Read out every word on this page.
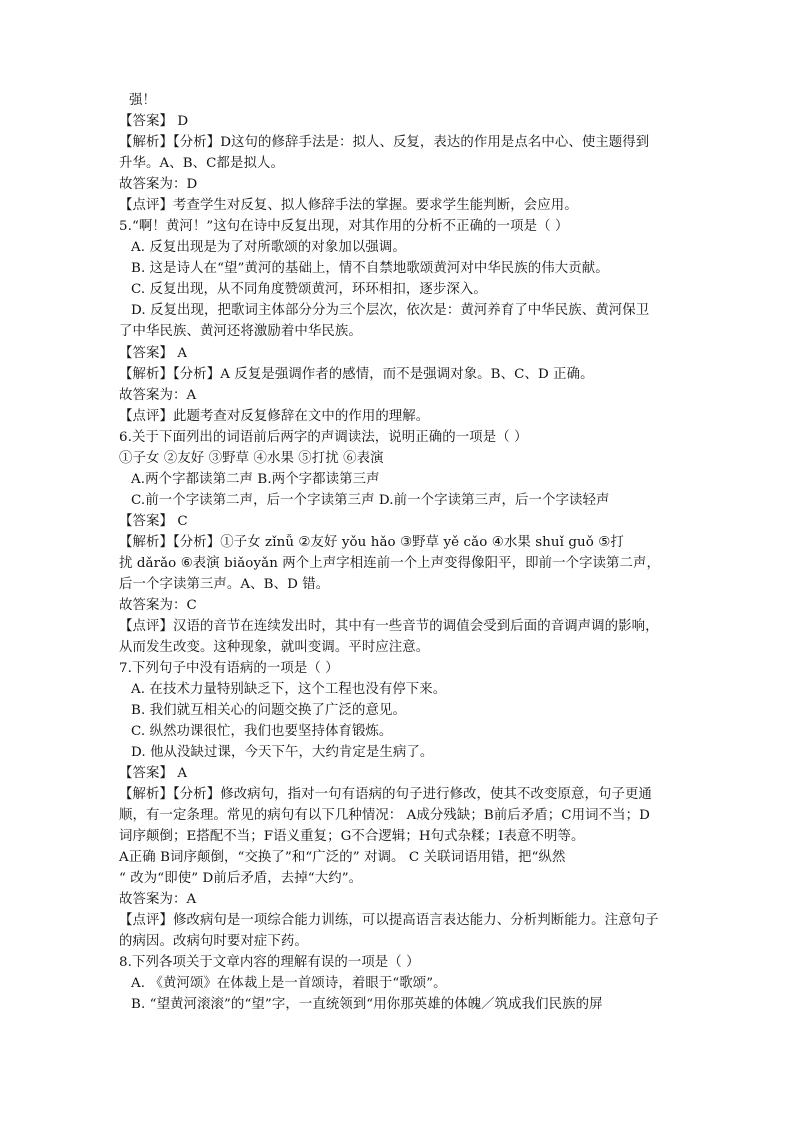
强！
【答案】 D
【解析】【分析】D这句的修辞手法是：拟人、反复，表达的作用是点名中心、使主题得到
升华。A、B、C都是拟人。
故答案为：D
【点评】考查学生对反复、拟人修辞手法的掌握。要求学生能判断，会应用。
5.“啊！黄河！”这句在诗中反复出现，对其作用的分析不正确的一项是（ ）
A. 反复出现是为了对所歌颂的对象加以强调。
B. 这是诗人在“望”黄河的基础上，情不自禁地歌颂黄河对中华民族的伟大贡献。
C. 反复出现，从不同角度赞颂黄河，环环相扣，逐步深入。
D. 反复出现，把歌词主体部分分为三个层次，依次是：黄河养育了中华民族、黄河保卫
了中华民族、黄河还将激励着中华民族。
【答案】 A
【解析】【分析】A 反复是强调作者的感情，而不是强调对象。B、C、D 正确。
故答案为：A
【点评】此题考查对反复修辞在文中的作用的理解。
6.关于下面列出的词语前后两字的声调读法，说明正确的一项是（ ）
①子女 ②友好 ③野草 ④水果 ⑤打扰 ⑥表演
A.两个字都读第二声 B.两个字都读第三声
C.前一个字读第二声，后一个字读第三声 D.前一个字读第三声，后一个字读轻声
【答案】 C
【解析】【分析】①子女 zǐnǚ ②友好 yǒu hǎo ③野草 yě cǎo ④水果 shuǐ guǒ ⑤打
扰 dǎrǎo ⑥表演 biǎoyǎn 两个上声字相连前一个上声变得像阳平，即前一个字读第二声，
后一个字读第三声。A、B、D 错。
故答案为：C
【点评】汉语的音节在连续发出时，其中有一些音节的调值会受到后面的音调声调的影响，
从而发生改变。这种现象，就叫变调。平时应注意。
7.下列句子中没有语病的一项是（ ）
A. 在技术力量特别缺乏下，这个工程也没有停下来。
B. 我们就互相关心的问题交换了广泛的意见。
C. 纵然功课很忙，我们也要坚持体育锻炼。
D. 他从没缺过课，今天下午，大约肯定是生病了。
【答案】 A
【解析】【分析】修改病句，指对一句有语病的句子进行修改，使其不改变原意，句子更通
顺，有一定条理。常见的病句有以下几种情况： A成分残缺；B前后矛盾；C用词不当；D
词序颠倒；E搭配不当；F语义重复；G不合逻辑；H句式杂糅；I表意不明等。
A正确 B词序颠倒，“交换了”和“广泛的” 对调。 C 关联词语用错，把“纵然
“ 改为“即使” D前后矛盾，去掉“大约”。
故答案为：A
【点评】修改病句是一项综合能力训练，可以提高语言表达能力、分析判断能力。注意句子
的病因。改病句时要对症下药。
8.下列各项关于文章内容的理解有误的一项是（ ）
A. 《黄河颂》在体裁上是一首颂诗，着眼于“歌颂”。
B. “望黄河滚滚”的“望”字，一直统领到“用你那英雄的体魄／筑成我们民族的屏
